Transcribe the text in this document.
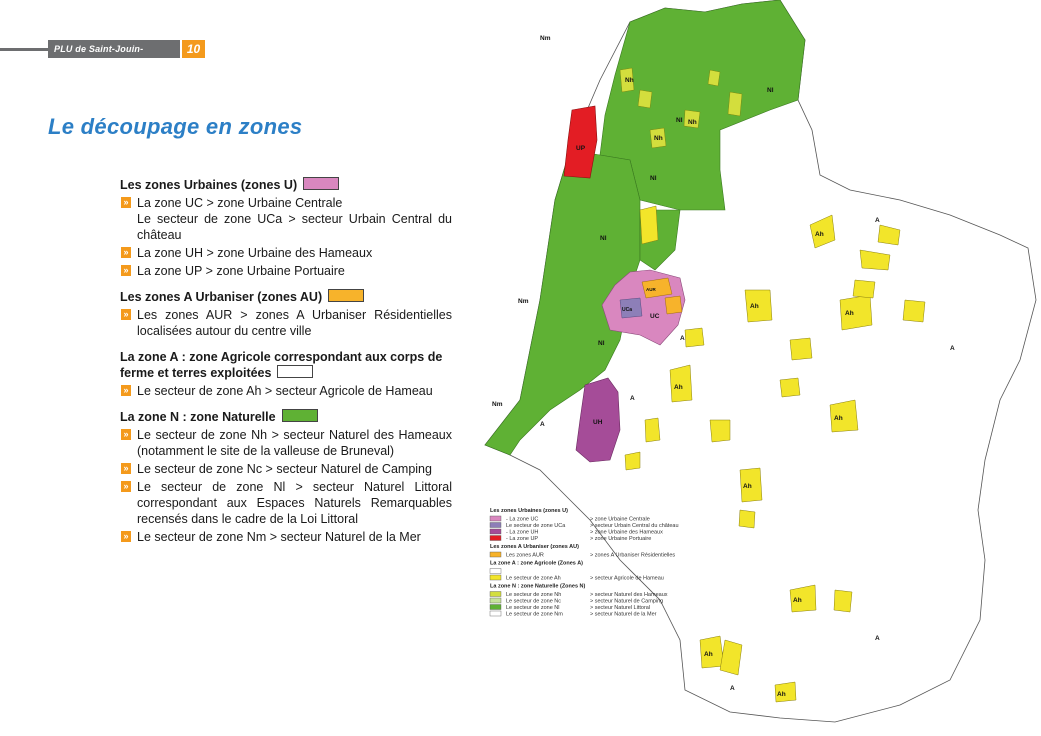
PLU de Saint-Jouin-Bruneval
10
Le découpage en zones
Les zones Urbaines (zones U)
» La zone UC > zone Urbaine Centrale
Le secteur de zone UCa > secteur Urbain Central du château
» La zone UH > zone Urbaine des Hameaux
» La zone UP > zone Urbaine Portuaire
Les zones A Urbaniser (zones AU)
» Les zones AUR > zones A Urbaniser Résidentielles localisées autour du centre ville
La zone A : zone Agricole correspondant aux corps de ferme et terres exploitées
» Le secteur de zone Ah > secteur Agricole de Hameau
La zone N : zone Naturelle
» Le secteur de zone Nh > secteur Naturel des Hameaux (notamment le site de la valleuse de Bruneval)
» Le secteur de zone Nc > secteur Naturel de Camping
» Le secteur de zone Nl > secteur Naturel Littoral correspondant aux Espaces Naturels Remarquables recensés dans le cadre de la Loi Littoral
» Le secteur de zone Nm > secteur Naturel de la Mer
Nm
Nm
Nm
Nl
Nl
Nl
Nl
Nl
Nh
Nh
Nh
UP
UC
UCa
AUR
UH
Ah
Ah
Ah
Ah
Ah
Ah
Ah
Ah
Ah
A
A
A
A
A
A
A
Les zones Urbaines (zones U)
- La zone UC	> zone Urbaine Centrale
Le secteur de zone UCa	> secteur Urbain Central du château
- La zone UH	> zone Urbaine des Hameaux
- La zone UP	> zone Urbaine Portuaire
Les zones A Urbaniser (zones AU)
Les zones AUR	> zones A Urbaniser Résidentielles
La zone A : zone Agricole (Zones A)
Le secteur de zone Ah	> secteur Agricole de Hameau
La zone N : zone Naturelle (Zones N)
Le secteur de zone Nh	> secteur Naturel des Hameaux
Le secteur de zone Nc	> secteur Naturel de Camping
Le secteur de zone Nl	> secteur Naturel Littoral
Le secteur de zone Nm	> secteur Naturel de la Mer
